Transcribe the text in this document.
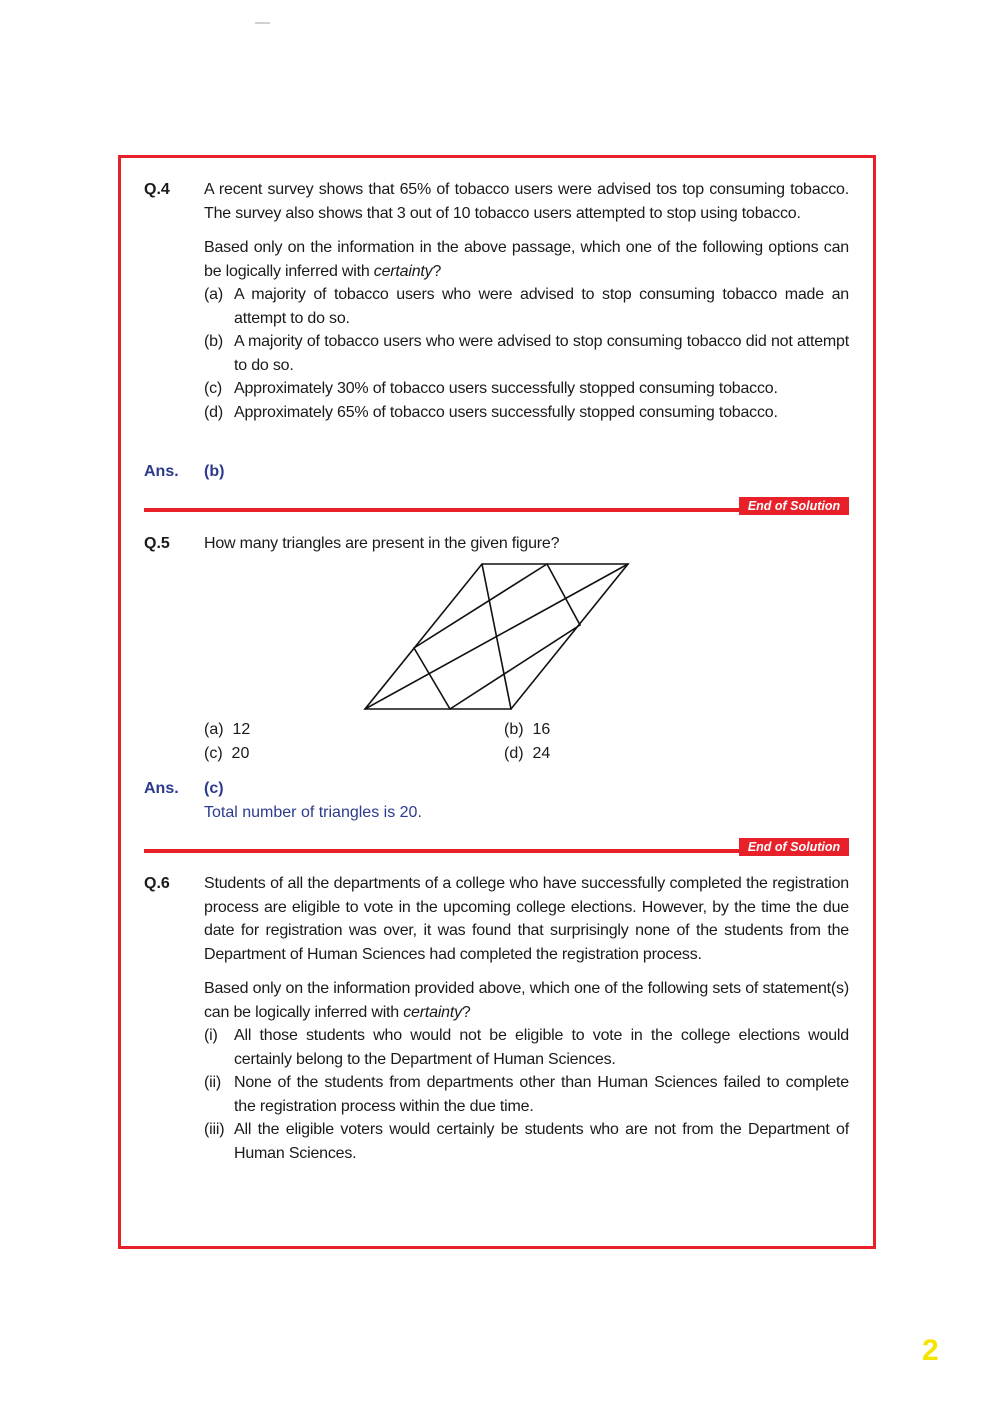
Q.4 A recent survey shows that 65% of tobacco users were advised tos top consuming tobacco. The survey also shows that 3 out of 10 tobacco users attempted to stop using tobacco.

Based only on the information in the above passage, which one of the following options can be logically inferred with certainty?

(a) A majority of tobacco users who were advised to stop consuming tobacco made an attempt to do so.
(b) A majority of tobacco users who were advised to stop consuming tobacco did not attempt to do so.
(c) Approximately 30% of tobacco users successfully stopped consuming tobacco.
(d) Approximately 65% of tobacco users successfully stopped consuming tobacco.
Ans. (b)
End of Solution
Q.5 How many triangles are present in the given figure?

(a) 12	(b) 16
(c) 20	(d) 24
Ans. (c)
Total number of triangles is 20.
End of Solution
Q.6 Students of all the departments of a college who have successfully completed the registration process are eligible to vote in the upcoming college elections. However, by the time the due date for registration was over, it was found that surprisingly none of the students from the Department of Human Sciences had completed the registration process.

Based only on the information provided above, which one of the following sets of statement(s) can be logically inferred with certainty?

(i)	All those students who would not be eligible to vote in the college elections would certainly belong to the Department of Human Sciences.
(ii) None of the students from departments other than Human Sciences failed to complete the registration process within the due time.
(iii) All the eligible voters would certainly be students who are not from the Department of Human Sciences.
2
